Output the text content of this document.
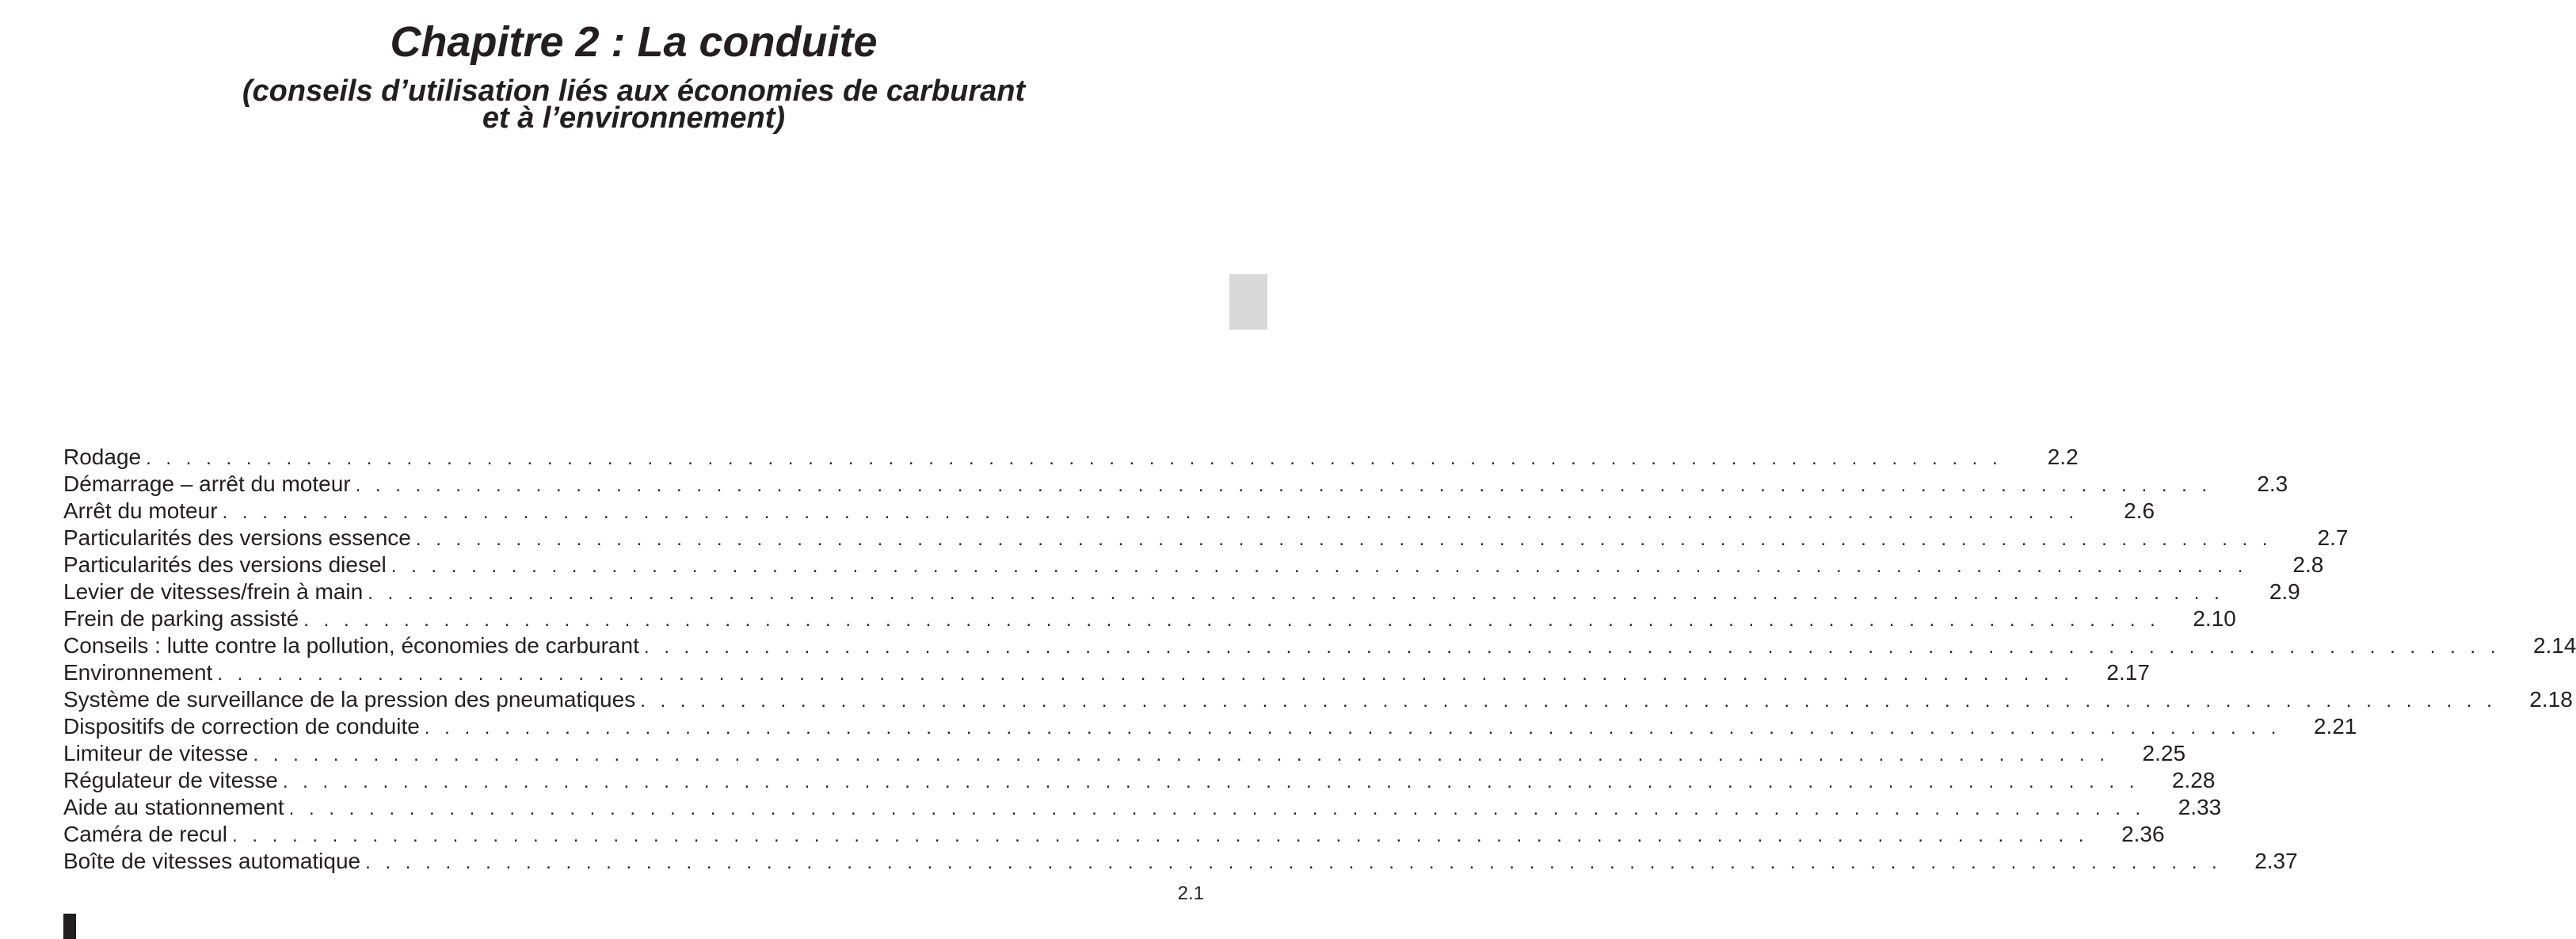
Chapitre 2 : La conduite
(conseils d’utilisation liés aux économies de carburant
et à l’environnement)
Rodage . . . . . . . . . . . . . . . . . . . . . . . . . . . . . . . . . . . . . . . . . . . . . . . . . . . . . . . . . . . . . . . . . . . . . . . . . . . . . . . . . . . . . . . . . . . . .	2.2
Démarrage – arrêt du moteur . . . . . . . . . . . . . . . . . . . . . . . . . . . . . . . . . . . . . . . . . . . . . . . . . . . . . . . . . . . . . . . . . . . . . . . . . . . . . . . . . . . . . . . . . . . . .	2.3
Arrêt du moteur . . . . . . . . . . . . . . . . . . . . . . . . . . . . . . . . . . . . . . . . . . . . . . . . . . . . . . . . . . . . . . . . . . . . . . . . . . . . . . . . . . . . . . . . . . . . .	2.6
Particularités des versions essence . . . . . . . . . . . . . . . . . . . . . . . . . . . . . . . . . . . . . . . . . . . . . . . . . . . . . . . . . . . . . . . . . . . . . . . . . . . . . . . . . . . . . . . . . . . . .	2.7
Particularités des versions diesel . . . . . . . . . . . . . . . . . . . . . . . . . . . . . . . . . . . . . . . . . . . . . . . . . . . . . . . . . . . . . . . . . . . . . . . . . . . . . . . . . . . . . . . . . . . . .	2.8
Levier de vitesses/frein à main . . . . . . . . . . . . . . . . . . . . . . . . . . . . . . . . . . . . . . . . . . . . . . . . . . . . . . . . . . . . . . . . . . . . . . . . . . . . . . . . . . . . . . . . . . . . .	2.9
Frein de parking assisté . . . . . . . . . . . . . . . . . . . . . . . . . . . . . . . . . . . . . . . . . . . . . . . . . . . . . . . . . . . . . . . . . . . . . . . . . . . . . . . . . . . . . . . . . . . . .	2.10
Conseils : lutte contre la pollution, économies de carburant . . . . . . . . . . . . . . . . . . . . . . . . . . . . . . . . . . . . . . . . . . . . . . . . . . . . . . . . . . . . . . . . . . . . . . . . . . . . . . . . . . . . . . . . . . . . .	2.14
Environnement . . . . . . . . . . . . . . . . . . . . . . . . . . . . . . . . . . . . . . . . . . . . . . . . . . . . . . . . . . . . . . . . . . . . . . . . . . . . . . . . . . . . . . . . . . . . .	2.17
Système de surveillance de la pression des pneumatiques . . . . . . . . . . . . . . . . . . . . . . . . . . . . . . . . . . . . . . . . . . . . . . . . . . . . . . . . . . . . . . . . . . . . . . . . . . . . . . . . . . . . . . . . . . . . .	2.18
Dispositifs de correction de conduite . . . . . . . . . . . . . . . . . . . . . . . . . . . . . . . . . . . . . . . . . . . . . . . . . . . . . . . . . . . . . . . . . . . . . . . . . . . . . . . . . . . . . . . . . . . . .	2.21
Limiteur de vitesse . . . . . . . . . . . . . . . . . . . . . . . . . . . . . . . . . . . . . . . . . . . . . . . . . . . . . . . . . . . . . . . . . . . . . . . . . . . . . . . . . . . . . . . . . . . . .	2.25
Régulateur de vitesse . . . . . . . . . . . . . . . . . . . . . . . . . . . . . . . . . . . . . . . . . . . . . . . . . . . . . . . . . . . . . . . . . . . . . . . . . . . . . . . . . . . . . . . . . . . . .	2.28
Aide au stationnement . . . . . . . . . . . . . . . . . . . . . . . . . . . . . . . . . . . . . . . . . . . . . . . . . . . . . . . . . . . . . . . . . . . . . . . . . . . . . . . . . . . . . . . . . . . . .	2.33
Caméra de recul . . . . . . . . . . . . . . . . . . . . . . . . . . . . . . . . . . . . . . . . . . . . . . . . . . . . . . . . . . . . . . . . . . . . . . . . . . . . . . . . . . . . . . . . . . . . .	2.36
Boîte de vitesses automatique . . . . . . . . . . . . . . . . . . . . . . . . . . . . . . . . . . . . . . . . . . . . . . . . . . . . . . . . . . . . . . . . . . . . . . . . . . . . . . . . . . . . . . . . . . . . .	2.37

2.1
